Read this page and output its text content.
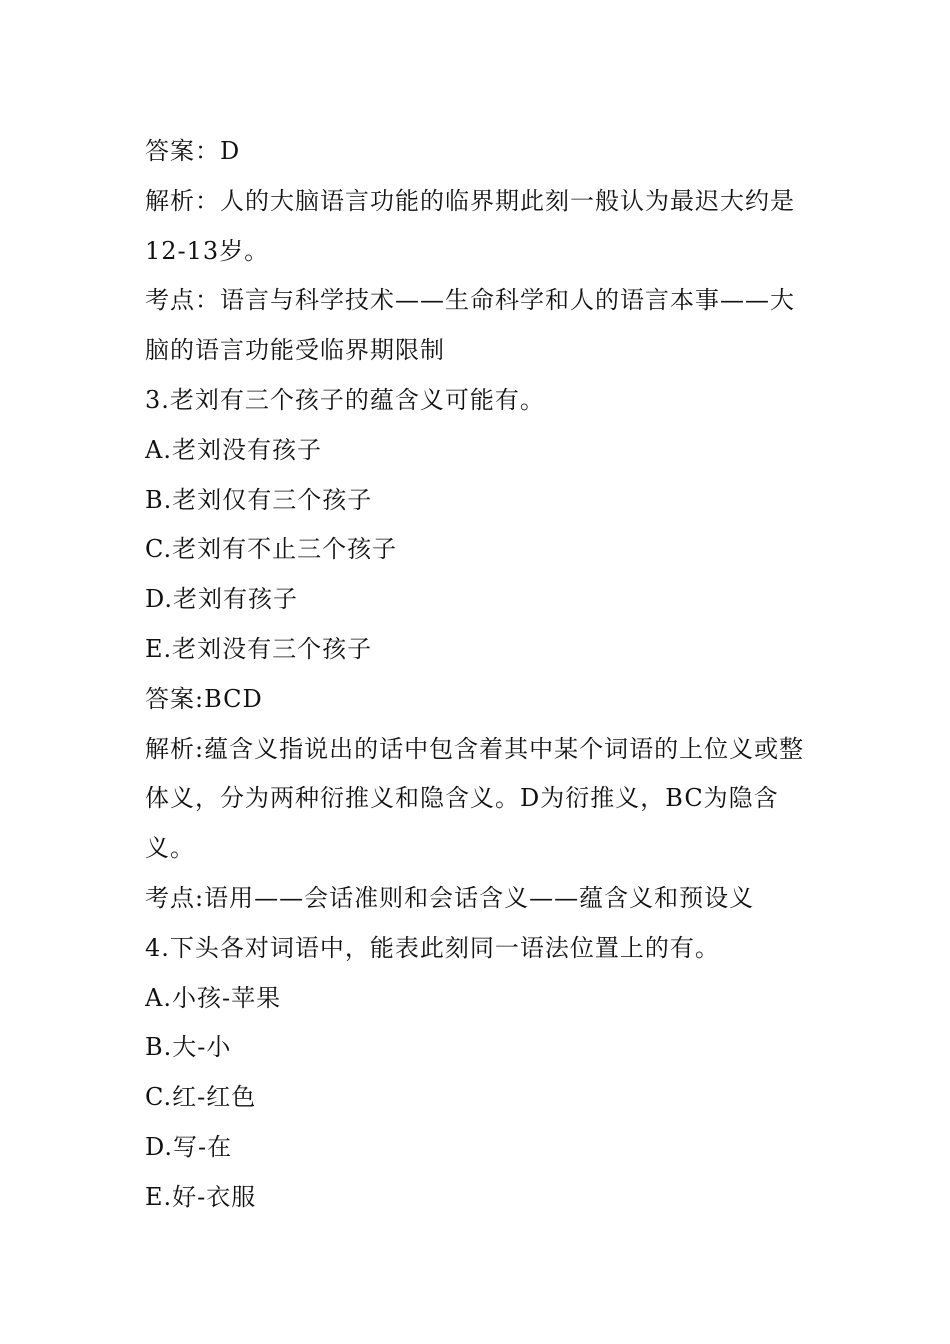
答案：D
解析：人的大脑语言功能的临界期此刻一般认为最迟大约是12-13岁。
考点：语言与科学技术——生命科学和人的语言本事——大脑的语言功能受临界期限制
3.老刘有三个孩子的蕴含义可能有。
A.老刘没有孩子
B.老刘仅有三个孩子
C.老刘有不止三个孩子
D.老刘有孩子
E.老刘没有三个孩子
答案:BCD
解析:蕴含义指说出的话中包含着其中某个词语的上位义或整体义，分为两种衍推义和隐含义。D为衍推义，BC为隐含义。
考点:语用——会话准则和会话含义——蕴含义和预设义
4.下头各对词语中，能表此刻同一语法位置上的有。
A.小孩-苹果
B.大-小
C.红-红色
D.写-在
E.好-衣服
